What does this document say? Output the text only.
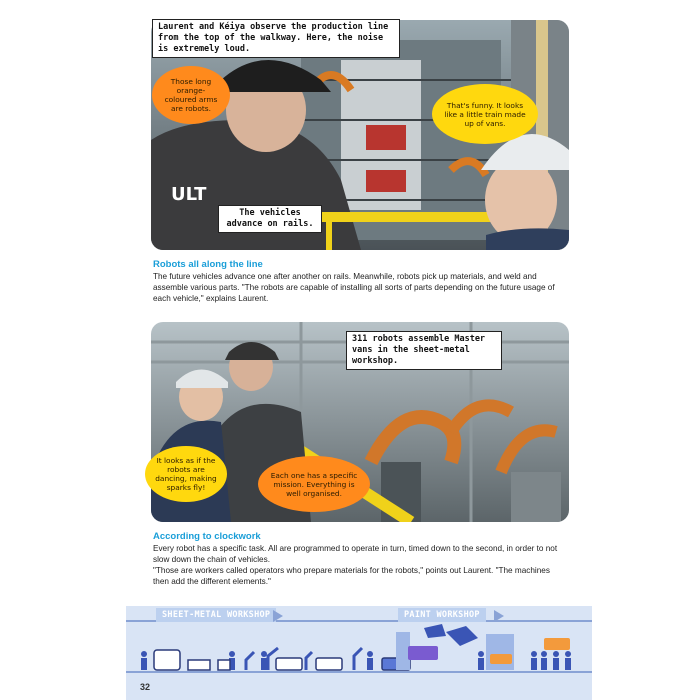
ULT
Laurent and Kéiya observe the production line from the top of the walkway. Here, the noise is extremely loud.
Those long orange-coloured arms are robots.	That's funny. It looks like a little train made up of vans.
The vehicles advance on rails.
Robots all along the line
The future vehicles advance one after another on rails. Meanwhile, robots pick up materials, and weld and assemble various parts. "The robots are capable of installing all sorts of parts depending on the future usage of each vehicle," explains Laurent.
311 robots assemble Master vans in the sheet-metal workshop.
It looks as if the robots are dancing, making sparks fly!
Each one has a specific mission. Everything is well organised.
According to clockwork

Every robot has a specific task. All are programmed to operate in turn, timed down to the second, in order to not slow down the chain of vehicles.

"Those are workers called operators who prepare materials for the robots," points out Laurent. "The machines then add the different elements."

SHEET-METAL WORKSHOP	PAINT WORKSHOP
32
